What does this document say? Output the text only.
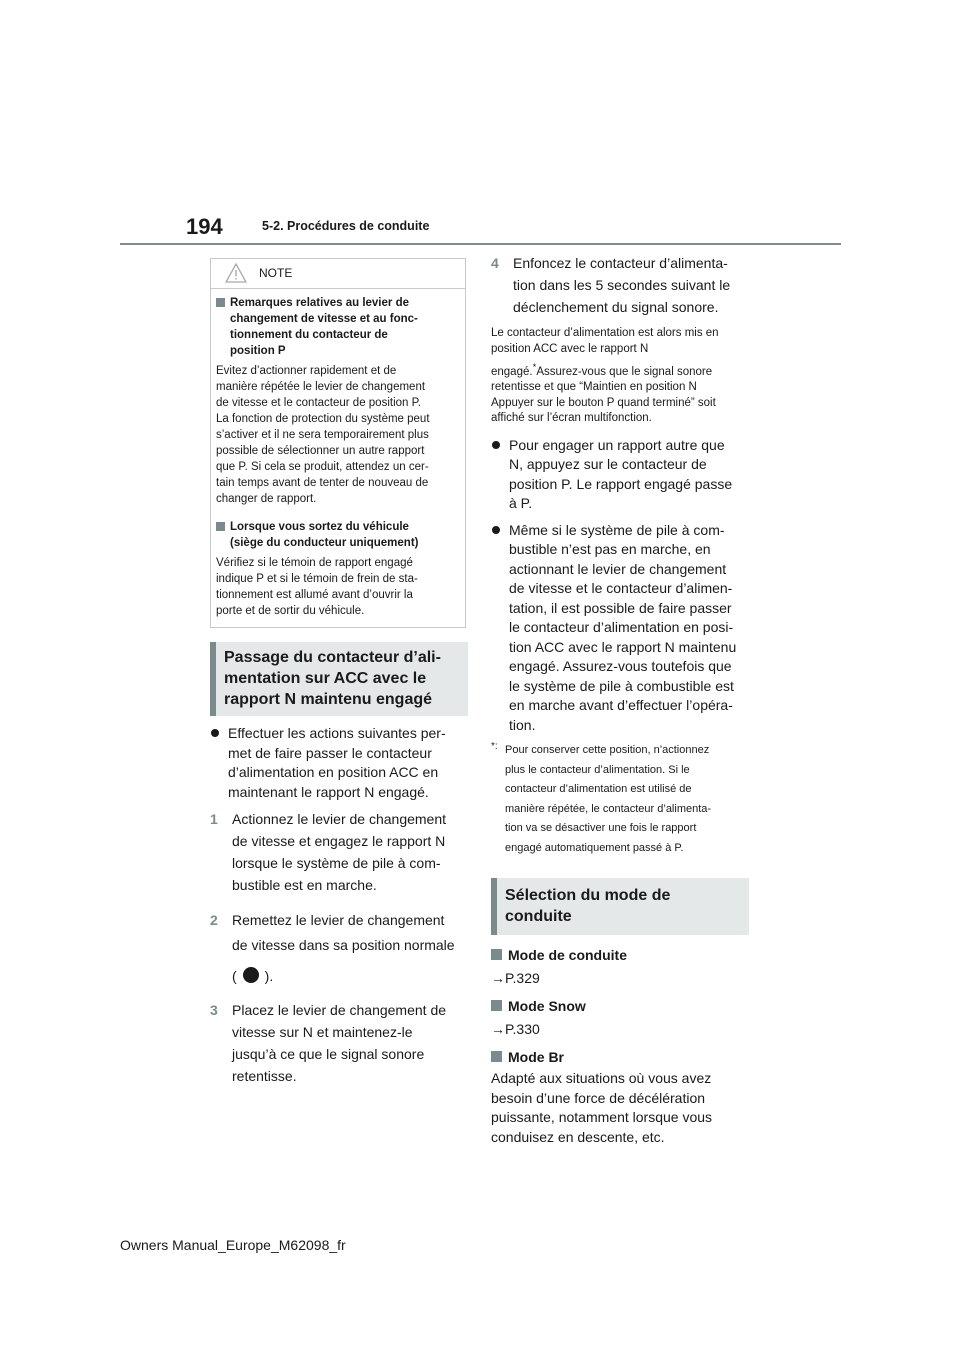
194	5-2. Procédures de conduite
NOTE
Remarques relatives au levier de
changement de vitesse et au fonc-
tionnement du contacteur de
position P
Evitez d’actionner rapidement et de
manière répétée le levier de changement
de vitesse et le contacteur de position P.
La fonction de protection du système peut
s’activer et il ne sera temporairement plus
possible de sélectionner un autre rapport
que P. Si cela se produit, attendez un cer-
tain temps avant de tenter de nouveau de
changer de rapport.
Lorsque vous sortez du véhicule
(siège du conducteur uniquement)
Vérifiez si le témoin de rapport engagé
indique P et si le témoin de frein de sta-
tionnement est allumé avant d’ouvrir la
porte et de sortir du véhicule.
Passage du contacteur d’ali-
mentation sur ACC avec le
rapport N maintenu engagé
Effectuer les actions suivantes per-
met de faire passer le contacteur
d’alimentation en position ACC en
maintenant le rapport N engagé.
1 Actionnez le levier de changement
de vitesse et engagez le rapport N
lorsque le système de pile à com-
bustible est en marche.
2 Remettez le levier de changement
de vitesse dans sa position normale
( ).
3 Placez le levier de changement de
vitesse sur N et maintenez-le
jusqu’à ce que le signal sonore
retentisse.
4 Enfoncez le contacteur d’alimenta-
tion dans les 5 secondes suivant le
déclenchement du signal sonore.
Le contacteur d’alimentation est alors mis en
position ACC avec le rapport N
engagé.*Assurez-vous que le signal sonore
retentisse et que “Maintien en position N
Appuyer sur le bouton P quand terminé” soit
affiché sur l’écran multifonction.
Pour engager un rapport autre que
N, appuyez sur le contacteur de
position P. Le rapport engagé passe
à P.
Même si le système de pile à com-
bustible n’est pas en marche, en
actionnant le levier de changement
de vitesse et le contacteur d’alimen-
tation, il est possible de faire passer
le contacteur d’alimentation en posi-
tion ACC avec le rapport N maintenu
engagé. Assurez-vous toutefois que
le système de pile à combustible est
en marche avant d’effectuer l’opéra-
tion.
*: Pour conserver cette position, n’actionnez
plus le contacteur d’alimentation. Si le
contacteur d’alimentation est utilisé de
manière répétée, le contacteur d’alimenta-
tion va se désactiver une fois le rapport
engagé automatiquement passé à P.
Sélection du mode de conduite
Mode de conduite
→P.329
Mode Snow
→P.330
Mode Br
Adapté aux situations où vous avez
besoin d’une force de décélération
puissante, notamment lorsque vous
conduisez en descente, etc.
Owners Manual_Europe_M62098_fr
